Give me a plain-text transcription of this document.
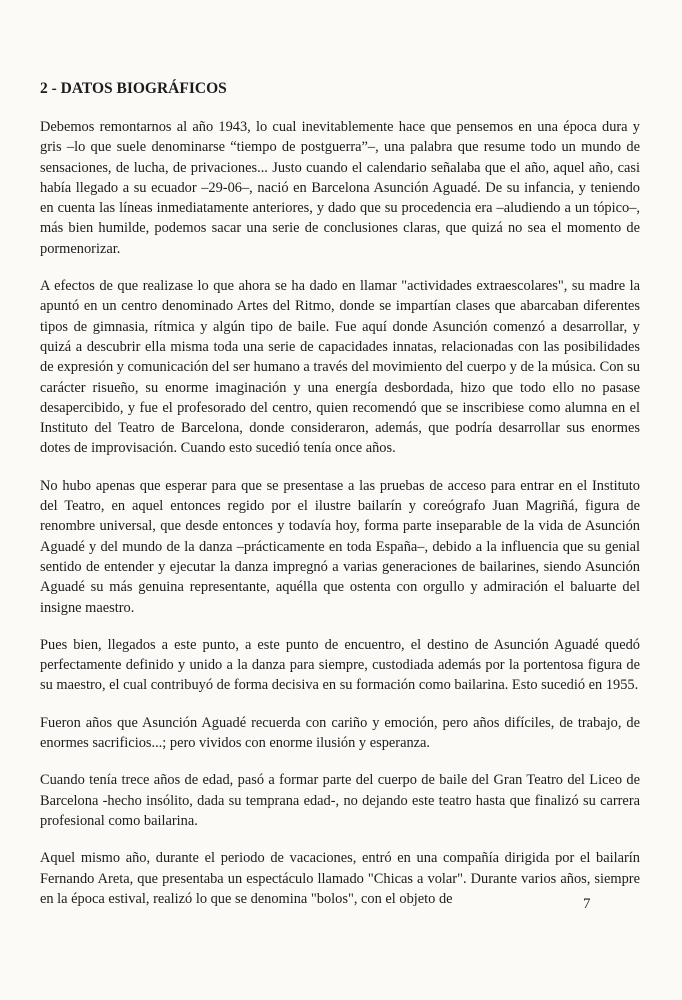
2 - DATOS BIOGRÁFICOS

Debemos remontarnos al año 1943, lo cual inevitablemente hace que pensemos en una época dura y gris –lo que suele denominarse “tiempo de postguerra”–, una palabra que resume todo un mundo de sensaciones, de lucha, de privaciones... Justo cuando el calendario señalaba que el año, aquel año, casi había llegado a su ecuador –29-06–, nació en Barcelona Asunción Aguadé. De su infancia, y teniendo en cuenta las líneas inmediatamente anteriores, y dado que su procedencia era –aludiendo a un tópico–, más bien humilde, podemos sacar una serie de conclusiones claras, que quizá no sea el momento de pormenorizar.

A efectos de que realizase lo que ahora se ha dado en llamar "actividades extraescolares", su madre la apuntó en un centro denominado Artes del Ritmo, donde se impartían clases que abarcaban diferentes tipos de gimnasia, rítmica y algún tipo de baile. Fue aquí donde Asunción comenzó a desarrollar, y quizá a descubrir ella misma toda una serie de capacidades innatas, relacionadas con las posibilidades de expresión y comunicación del ser humano a través del movimiento del cuerpo y de la música. Con su carácter risueño, su enorme imaginación y una energía desbordada, hizo que todo ello no pasase desapercibido, y fue el profesorado del centro, quien recomendó que se inscribiese como alumna en el Instituto del Teatro de Barcelona, donde consideraron, además, que podría desarrollar sus enormes dotes de improvisación. Cuando esto sucedió tenía once años.

No hubo apenas que esperar para que se presentase a las pruebas de acceso para entrar en el Instituto del Teatro, en aquel entonces regido por el ilustre bailarín y coreógrafo Juan Magriñá, figura de renombre universal, que desde entonces y todavía hoy, forma parte inseparable de la vida de Asunción Aguadé y del mundo de la danza –prácticamente en toda España–, debido a la influencia que su genial sentido de entender y ejecutar la danza impregnó a varias generaciones de bailarines, siendo Asunción Aguadé su más genuina representante, aquélla que ostenta con orgullo y admiración el baluarte del insigne maestro.

Pues bien, llegados a este punto, a este punto de encuentro, el destino de Asunción Aguadé quedó perfectamente definido y unido a la danza para siempre, custodiada además por la portentosa figura de su maestro, el cual contribuyó de forma decisiva en su formación como bailarina. Esto sucedió en 1955.

Fueron años que Asunción Aguadé recuerda con cariño y emoción, pero años difíciles, de trabajo, de enormes sacrificios...; pero vividos con enorme ilusión y esperanza.

Cuando tenía trece años de edad, pasó a formar parte del cuerpo de baile del Gran Teatro del Liceo de Barcelona -hecho insólito, dada su temprana edad-, no dejando este teatro hasta que finalizó su carrera profesional como bailarina.

Aquel mismo año, durante el periodo de vacaciones, entró en una compañía dirigida por el bailarín Fernando Areta, que presentaba un espectáculo llamado "Chicas a volar". Durante varios años, siempre en la época estival, realizó lo que se denomina "bolos", con el objeto de	7
